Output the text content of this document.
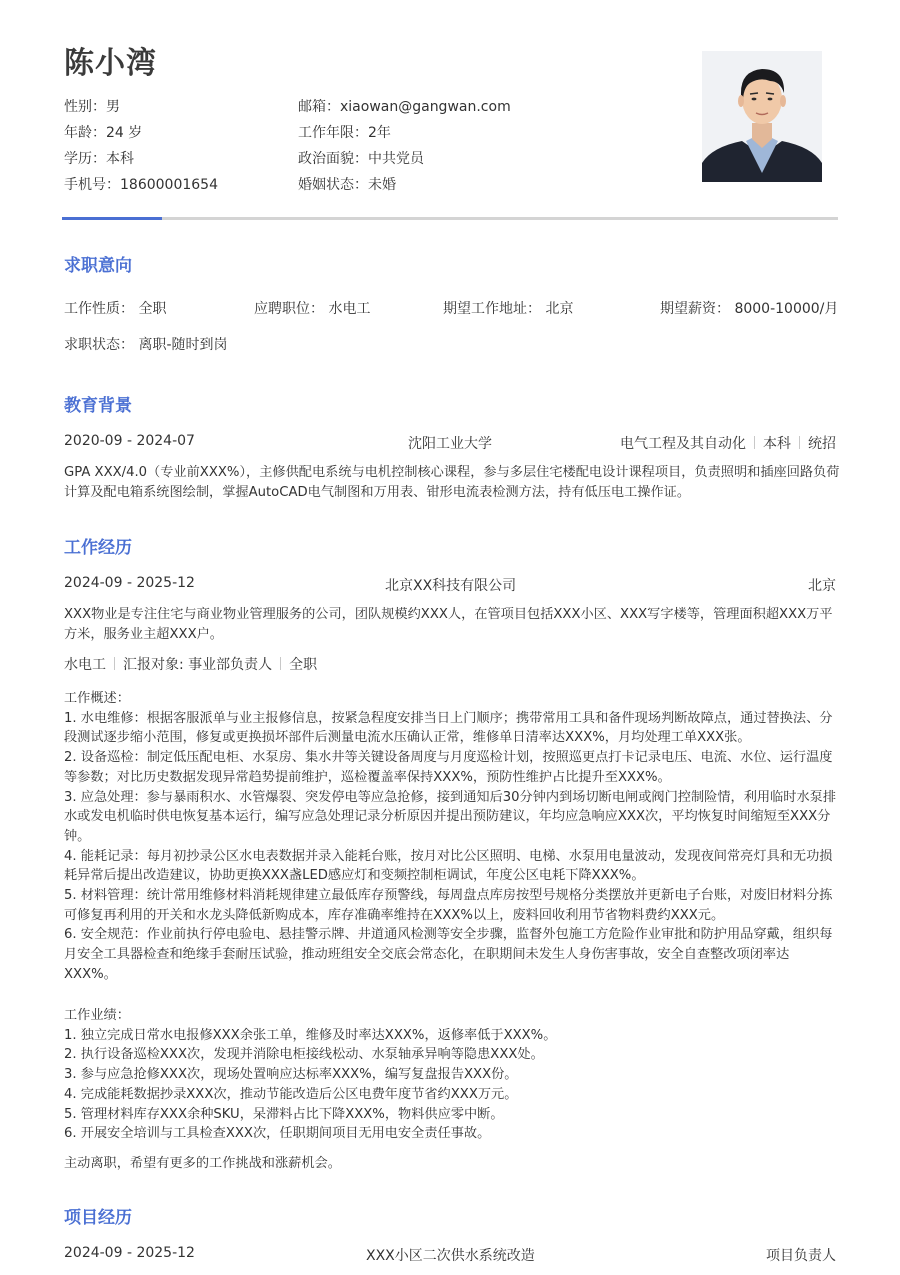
陈小湾
性别：男
年龄：24 岁
学历：本科
手机号：18600001654
邮箱：xiaowan@gangwan.com
工作年限：2年
政治面貌：中共党员
婚姻状态：未婚
求职意向
工作性质： 全职	应聘职位： 水电工	期望工作地址： 北京	期望薪资： 8000-10000/月
求职状态： 离职-随时到岗
教育背景
2020-09 - 2024-07	沈阳工业大学	电气工程及其自动化 本科 统招
GPA XXX/4.0（专业前XXX%），主修供配电系统与电机控制核心课程，参与多层住宅楼配电设计课程项目，负责照明和插座回路负荷计算及配电箱系统图绘制，掌握AutoCAD电气制图和万用表、钳形电流表检测方法，持有低压电工操作证。
工作经历
2024-09 - 2025-12	北京XX科技有限公司	北京
XXX物业是专注住宅与商业物业管理服务的公司，团队规模约XXX人，在管项目包括XXX小区、XXX写字楼等，管理面积超XXX万平方米，服务业主超XXX户。
水电工 汇报对象: 事业部负责人 全职
工作概述：
1. 水电维修：根据客服派单与业主报修信息，按紧急程度安排当日上门顺序；携带常用工具和备件现场判断故障点，通过替换法、分段测试逐步缩小范围，修复或更换损坏部件后测量电流水压确认正常，维修单日清率达XXX%，月均处理工单XXX张。
2. 设备巡检：制定低压配电柜、水泵房、集水井等关键设备周度与月度巡检计划，按照巡更点打卡记录电压、电流、水位、运行温度等参数；对比历史数据发现异常趋势提前维护，巡检覆盖率保持XXX%，预防性维护占比提升至XXX%。
3. 应急处理：参与暴雨积水、水管爆裂、突发停电等应急抢修，接到通知后30分钟内到场切断电闸或阀门控制险情，利用临时水泵排水或发电机临时供电恢复基本运行，编写应急处理记录分析原因并提出预防建议，年均应急响应XXX次，平均恢复时间缩短至XXX分钟。
4. 能耗记录：每月初抄录公区水电表数据并录入能耗台账，按月对比公区照明、电梯、水泵用电量波动，发现夜间常亮灯具和无功损耗异常后提出改造建议，协助更换XXX盏LED感应灯和变频控制柜调试，年度公区电耗下降XXX%。
5. 材料管理：统计常用维修材料消耗规律建立最低库存预警线，每周盘点库房按型号规格分类摆放并更新电子台账，对废旧材料分拣可修复再利用的开关和水龙头降低新购成本，库存准确率维持在XXX%以上，废料回收利用节省物料费约XXX元。
6. 安全规范：作业前执行停电验电、悬挂警示牌、井道通风检测等安全步骤，监督外包施工方危险作业审批和防护用品穿戴，组织每月安全工具器检查和绝缘手套耐压试验，推动班组安全交底会常态化，在职期间未发生人身伤害事故，安全自查整改项闭率达XXX%。
工作业绩：
1. 独立完成日常水电报修XXX余张工单，维修及时率达XXX%，返修率低于XXX%。
2. 执行设备巡检XXX次，发现并消除电柜接线松动、水泵轴承异响等隐患XXX处。
3. 参与应急抢修XXX次，现场处置响应达标率XXX%，编写复盘报告XXX份。
4. 完成能耗数据抄录XXX次，推动节能改造后公区电费年度节省约XXX万元。
5. 管理材料库存XXX余种SKU，呆滞料占比下降XXX%，物料供应零中断。
6. 开展安全培训与工具检查XXX次，任职期间项目无用电安全责任事故。
主动离职，希望有更多的工作挑战和涨薪机会。
项目经历
2024-09 - 2025-12	XXX小区二次供水系统改造	项目负责人
